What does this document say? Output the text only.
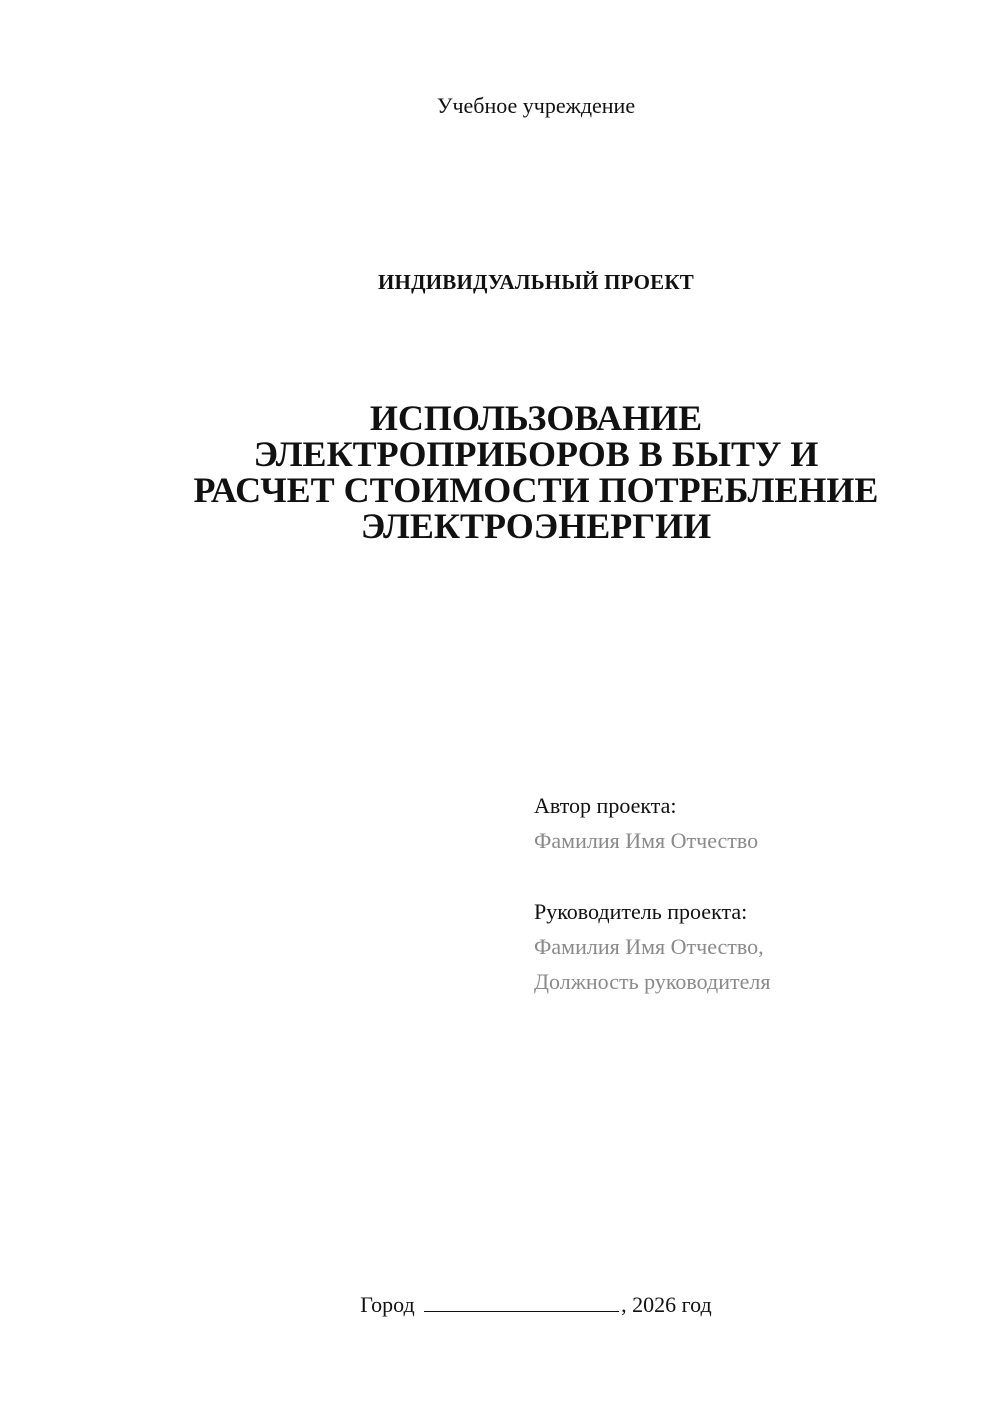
Учебное учреждение
ИНДИВИДУАЛЬНЫЙ ПРОЕКТ
ИСПОЛЬЗОВАНИЕ
ЭЛЕКТРОПРИБОРОВ В БЫТУ И
РАСЧЕТ СТОИМОСТИ ПОТРЕБЛЕНИЕ
ЭЛЕКТРОЭНЕРГИИ
Автор проекта:
Фамилия Имя Отчество
Руководитель проекта:
Фамилия Имя Отчество,
Должность руководителя
Город	, 2026 год
